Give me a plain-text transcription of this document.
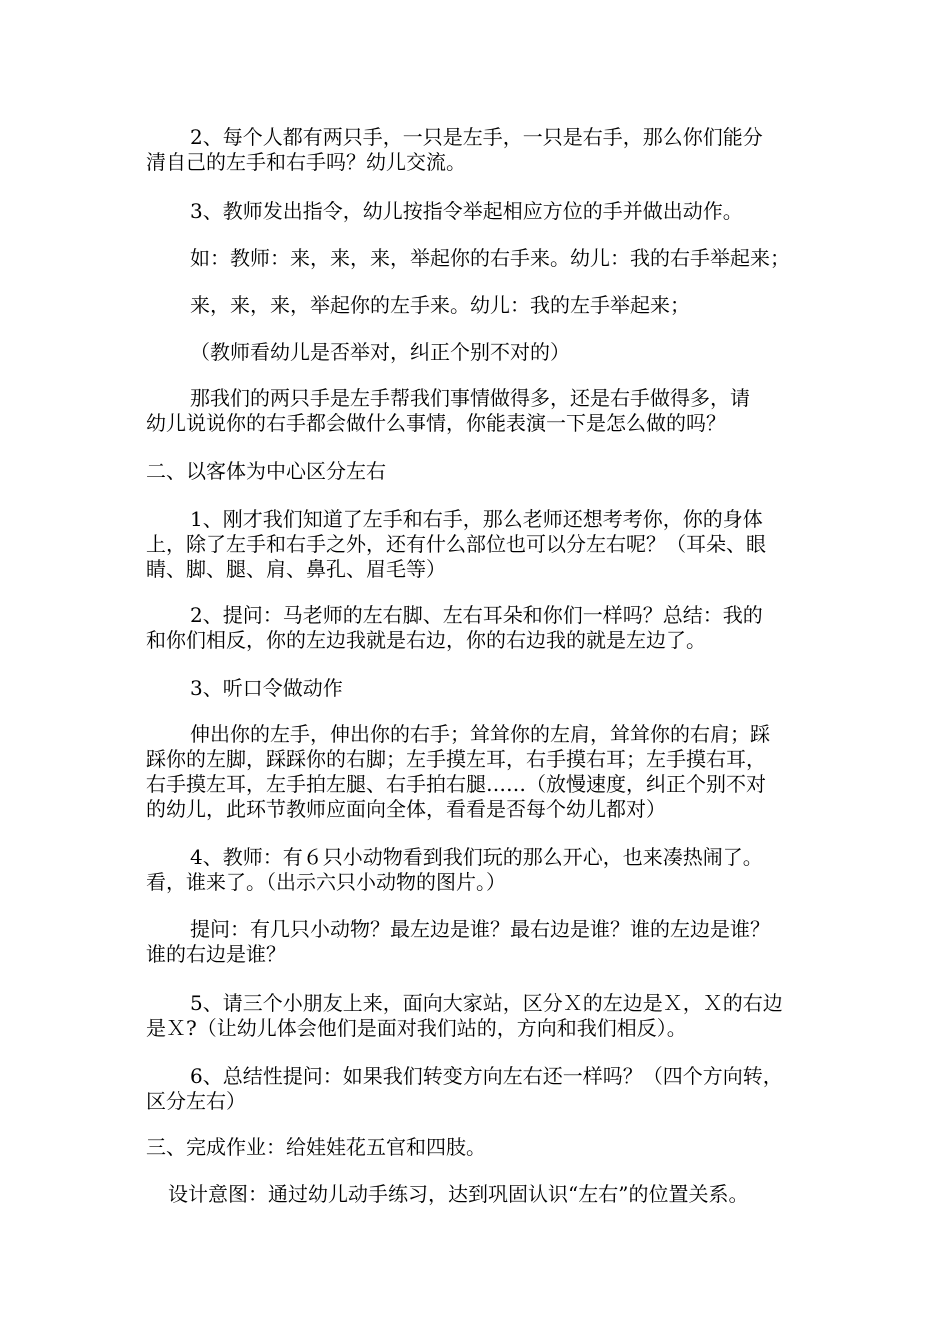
2、每个人都有两只手，一只是左手，一只是右手，那么你们能分
清自己的左手和右手吗？幼儿交流。

3、教师发出指令，幼儿按指令举起相应方位的手并做出动作。

如：教师：来，来，来，举起你的右手来。幼儿：我的右手举起来；

来，来，来，举起你的左手来。幼儿：我的左手举起来；

（教师看幼儿是否举对，纠正个别不对的）

那我们的两只手是左手帮我们事情做得多，还是右手做得多，请
幼儿说说你的右手都会做什么事情，你能表演一下是怎么做的吗？

二、以客体为中心区分左右

1、刚才我们知道了左手和右手，那么老师还想考考你，你的身体
上，除了左手和右手之外，还有什么部位也可以分左右呢？（耳朵、眼
睛、脚、腿、肩、鼻孔、眉毛等）

2、提问：马老师的左右脚、左右耳朵和你们一样吗？总结：我的
和你们相反，你的左边我就是右边，你的右边我的就是左边了。

3、听口令做动作

伸出你的左手，伸出你的右手；耸耸你的左肩，耸耸你的右肩；踩
踩你的左脚，踩踩你的右脚；左手摸左耳，右手摸右耳；左手摸右耳，
右手摸左耳，左手拍左腿、右手拍右腿……（放慢速度，纠正个别不对
的幼儿，此环节教师应面向全体，看看是否每个幼儿都对）

4、教师：有６只小动物看到我们玩的那么开心，也来凑热闹了。
看，谁来了。（出示六只小动物的图片。）

提问：有几只小动物？最左边是谁？最右边是谁？谁的左边是谁？
谁的右边是谁？

5、请三个小朋友上来，面向大家站，区分Ｘ的左边是Ｘ，Ｘ的右边
是Ｘ?（让幼儿体会他们是面对我们站的，方向和我们相反）。

6、总结性提问：如果我们转变方向左右还一样吗？（四个方向转，
区分左右）

三、完成作业：给娃娃花五官和四肢。

设计意图：通过幼儿动手练习，达到巩固认识“左右”的位置关系。
